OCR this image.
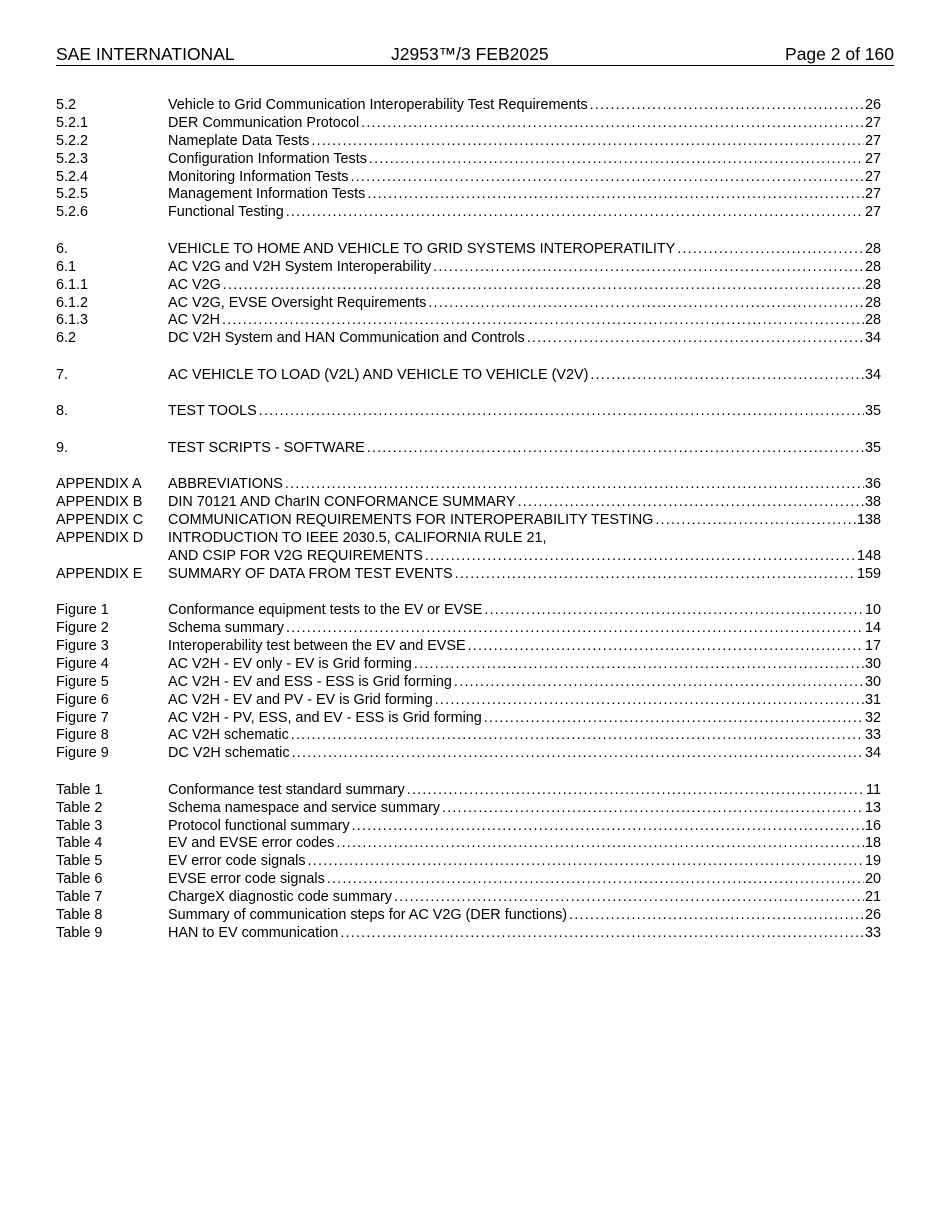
SAE INTERNATIONAL	J2953™/3 FEB2025	Page 2 of 160
5.2	Vehicle to Grid Communication Interoperability Test Requirements .....	26
5.2.1	DER Communication Protocol .....	27
5.2.2	Nameplate Data Tests .....	27
5.2.3	Configuration Information Tests .....	27
5.2.4	Monitoring Information Tests .....	27
5.2.5	Management Information Tests .....	27
5.2.6	Functional Testing .....	27
6.	VEHICLE TO HOME AND VEHICLE TO GRID SYSTEMS INTEROPERATILITY .....	28
6.1	AC V2G and V2H System Interoperability .....	28
6.1.1	AC V2G .....	28
6.1.2	AC V2G, EVSE Oversight Requirements .....	28
6.1.3	AC V2H .....	28
6.2	DC V2H System and HAN Communication and Controls .....	34
7.	AC VEHICLE TO LOAD (V2L) AND VEHICLE TO VEHICLE (V2V) .....	34
8.	TEST TOOLS .....	35
9.	TEST SCRIPTS - SOFTWARE .....	35
APPENDIX A	ABBREVIATIONS .....	36
APPENDIX B	DIN 70121 AND CharIN CONFORMANCE SUMMARY .....	38
APPENDIX C	COMMUNICATION REQUIREMENTS FOR INTEROPERABILITY TESTING .....	138
APPENDIX D	INTRODUCTION TO IEEE 2030.5, CALIFORNIA RULE 21,
AND CSIP FOR V2G REQUIREMENTS .....	148
APPENDIX E	SUMMARY OF DATA FROM TEST EVENTS .....	159
Figure 1	Conformance equipment tests to the EV or EVSE .....	10
Figure 2	Schema summary .....	14
Figure 3	Interoperability test between the EV and EVSE .....	17
Figure 4	AC V2H - EV only - EV is Grid forming .....	30
Figure 5	AC V2H - EV and ESS - ESS is Grid forming .....	30
Figure 6	AC V2H - EV and PV - EV is Grid forming .....	31
Figure 7	AC V2H - PV, ESS, and EV - ESS is Grid forming .....	32
Figure 8	AC V2H schematic .....	33
Figure 9	DC V2H schematic .....	34
Table 1	Conformance test standard summary .....	11
Table 2	Schema namespace and service summary .....	13
Table 3	Protocol functional summary .....	16
Table 4	EV and EVSE error codes .....	18
Table 5	EV error code signals .....	19
Table 6	EVSE error code signals .....	20
Table 7	ChargeX diagnostic code summary .....	21
Table 8	Summary of communication steps for AC V2G (DER functions) .....	26
Table 9	HAN to EV communication .....	33
